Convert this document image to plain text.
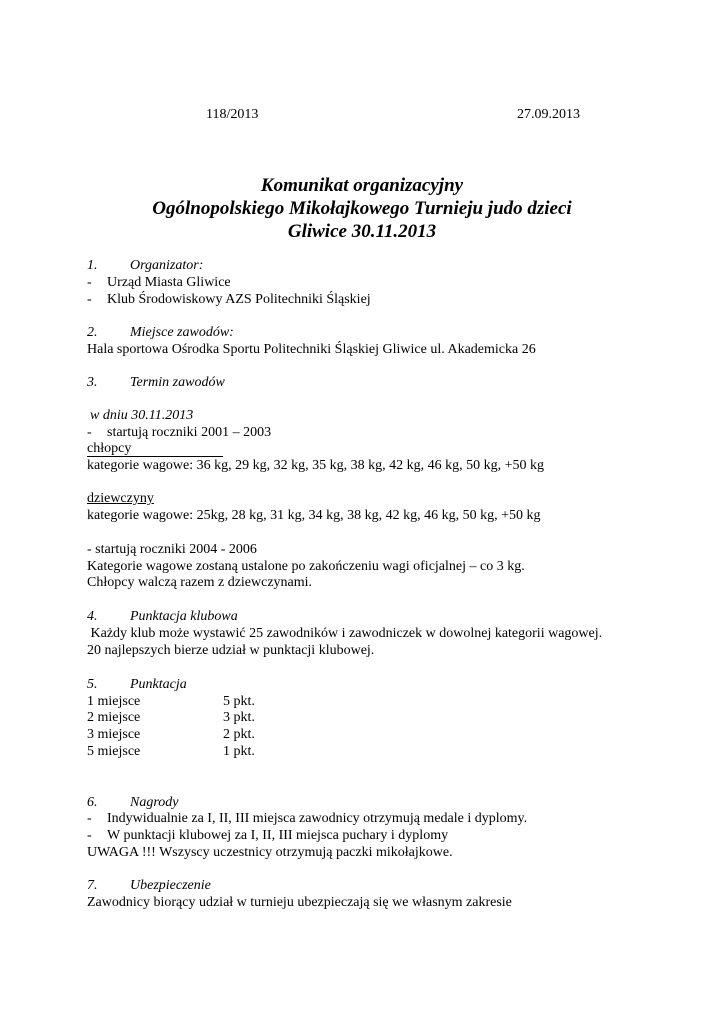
118/2013	27.09.2013
Komunikat organizacyjny
Ogólnopolskiego Mikołajkowego Turnieju judo dzieci
Gliwice 30.11.2013
1. Organizator:
- Urząd Miasta Gliwice
- Klub Środowiskowy AZS Politechniki Śląskiej
2. Miejsce zawodów:
Hala sportowa Ośrodka Sportu Politechniki Śląskiej Gliwice ul. Akademicka 26
3. Termin zawodów
w dniu 30.11.2013
- startują roczniki 2001 – 2003
chłopcy
kategorie wagowe: 36 kg, 29 kg, 32 kg, 35 kg, 38 kg, 42 kg, 46 kg, 50 kg, +50 kg
dziewczyny
kategorie wagowe: 25kg, 28 kg, 31 kg, 34 kg, 38 kg, 42 kg, 46 kg, 50 kg, +50 kg
- startują roczniki 2004 - 2006
Kategorie wagowe zostaną ustalone po zakończeniu wagi oficjalnej – co 3 kg.
Chłopcy walczą razem z dziewczynami.
4. Punktacja klubowa
Każdy klub może wystawić 25 zawodników i zawodniczek w dowolnej kategorii wagowej.
20 najlepszych bierze udział w punktacji klubowej.
5. Punktacja
1 miejsce	5 pkt.
2 miejsce	3 pkt.
3 miejsce	2 pkt.
5 miejsce	1 pkt.
6. Nagrody
- Indywidualnie za I, II, III miejsca zawodnicy otrzymują medale i dyplomy.
- W punktacji klubowej za I, II, III miejsca puchary i dyplomy
UWAGA !!! Wszyscy uczestnicy otrzymują paczki mikołajkowe.
7. Ubezpieczenie
Zawodnicy biorący udział w turnieju ubezpieczają się we własnym zakresie
